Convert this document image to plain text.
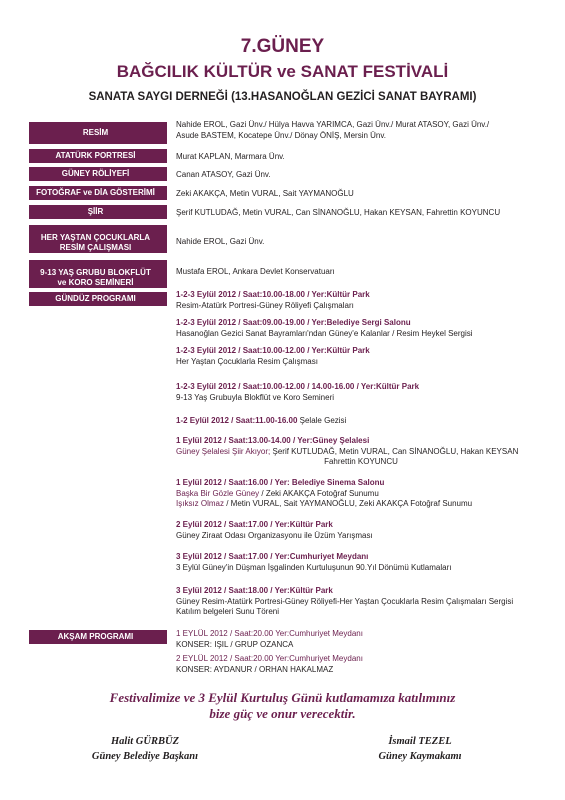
7.GÜNEY
BAĞCILIK KÜLTÜR ve SANAT FESTİVALİ
SANATA SAYGI DERNEĞİ (13.HASANOĞLAN GEZİCİ SANAT BAYRAMI)
RESİM
Nahide EROL, Gazi Ünv./ Hülya Havva YARIMCA, Gazi Ünv./ Murat ATASOY, Gazi Ünv./
Asude BASTEM, Kocatepe Ünv./ Dönay ÖNİŞ, Mersin Ünv.
ATATÜRK PORTRESİ	Murat KAPLAN, Marmara Ünv.
GÜNEY RÖLİYEFİ	Canan ATASOY, Gazi Ünv.
FOTOĞRAF ve DİA GÖSTERİMİ	Zeki AKAKÇA, Metin VURAL, Sait YAYMANOĞLU
ŞİİR	Şerif KUTLUDAĞ, Metin VURAL, Can SİNANOĞLU, Hakan KEYSAN, Fahrettin KOYUNCU
HER YAŞTAN ÇOCUKLARLA
RESİM ÇALIŞMASI
Nahide EROL, Gazi Ünv.
9-13 YAŞ GRUBU BLOKFLÜT
ve KORO SEMİNERİ
Mustafa EROL, Ankara Devlet Konservatuarı
GÜNDÜZ PROGRAMI	1-2-3 Eylül 2012 / Saat:10.00-18.00 / Yer:Kültür Park
Resim-Atatürk Portresi-Güney Röliyefi Çalışmaları
1-2-3 Eylül 2012 / Saat:09.00-19.00 / Yer:Belediye Sergi Salonu
Hasanoğlan Gezici Sanat Bayramları'ndan Güney'e Kalanlar / Resim Heykel Sergisi
1-2-3 Eylül 2012 / Saat:10.00-12.00 / Yer:Kültür Park
Her Yaştan Çocuklarla Resim Çalışması
1-2-3 Eylül 2012 / Saat:10.00-12.00 / 14.00-16.00 / Yer:Kültür Park
9-13 Yaş Grubuyla Blokflüt ve Koro Semineri
1-2 Eylül 2012 / Saat:11.00-16.00 Şelale Gezisi
1 Eylül 2012 / Saat:13.00-14.00 / Yer:Güney Şelalesi
Güney Şelalesi Şiir Akıyor; Şerif KUTLUDAĞ, Metin VURAL, Can SİNANOĞLU, Hakan KEYSAN
Fahrettin KOYUNCU
1 Eylül 2012 / Saat:16.00 / Yer: Belediye Sinema Salonu
Başka Bir Gözle Güney / Zeki AKAKÇA Fotoğraf Sunumu
Işıksız Olmaz / Metin VURAL, Sait YAYMANOĞLU, Zeki AKAKÇA Fotoğraf Sunumu
2 Eylül 2012 / Saat:17.00 / Yer:Kültür Park
Güney Ziraat Odası Organizasyonu ile Üzüm Yarışması
3 Eylül 2012 / Saat:17.00 / Yer:Cumhuriyet Meydanı
3 Eylül Güney'in Düşman İşgalinden Kurtuluşunun 90.Yıl Dönümü Kutlamaları
3 Eylül 2012 / Saat:18.00 / Yer:Kültür Park
Güney Resim-Atatürk Portresi-Güney Röliyefi-Her Yaştan Çocuklarla Resim Çalışmaları Sergisi
Katılım belgeleri Sunu Töreni
AKŞAM PROGRAMI	1 EYLÜL 2012 / Saat:20.00 Yer:Cumhuriyet Meydanı
KONSER: IŞIL / GRUP OZANCA
2 EYLÜL 2012 / Saat:20.00 Yer:Cumhuriyet Meydanı
KONSER: AYDANUR / ORHAN HAKALMAZ
Festivalimize ve 3 Eylül Kurtuluş Günü kutlamamıza katılımınız
bize güç ve onur verecektir.
Halit GÜRBÜZ
Güney Belediye Başkanı
İsmail TEZEL
Güney Kaymakamı
